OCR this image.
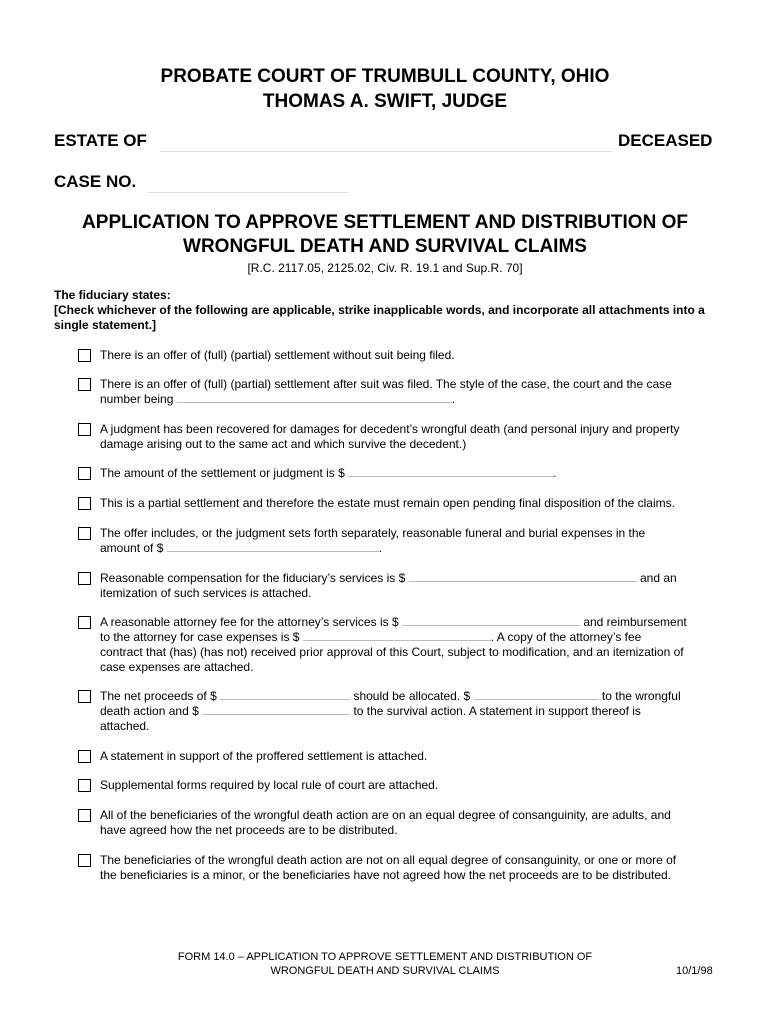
PROBATE COURT OF TRUMBULL COUNTY, OHIO
THOMAS A. SWIFT, JUDGE
ESTATE OF	DECEASED
CASE NO.
APPLICATION TO APPROVE SETTLEMENT AND DISTRIBUTION OF
WRONGFUL DEATH AND SURVIVAL CLAIMS
[R.C. 2117.05, 2125.02, Civ. R. 19.1 and Sup.R. 70]
The fiduciary states:
[Check whichever of the following are applicable, strike inapplicable words, and incorporate all attachments into a single statement.]
There is an offer of (full) (partial) settlement without suit being filed.
There is an offer of (full) (partial) settlement after suit was filed. The style of the case, the court and the case
number being	.
A judgment has been recovered for damages for decedent’s wrongful death (and personal injury and property
damage arising out to the same act and which survive the decedent.)
The amount of the settlement or judgment is $	.
This is a partial settlement and therefore the estate must remain open pending final disposition of the claims.
The offer includes, or the judgment sets forth separately, reasonable funeral and burial expenses in the
amount of $	.
Reasonable compensation for the fiduciary’s services is $	and an
itemization of such services is attached.
A reasonable attorney fee for the attorney’s services is $	and reimbursement
to the attorney for case expenses is $	. A copy of the attorney’s fee
contract that (has) (has not) received prior approval of this Court, subject to modification, and an itemization of
case expenses are attached.
The net proceeds of $	should be allocated. $	to the wrongful
death action and $	to the survival action. A statement in support thereof is
attached.
A statement in support of the proffered settlement is attached.
Supplemental forms required by local rule of court are attached.
All of the beneficiaries of the wrongful death action are on an equal degree of consanguinity, are adults, and
have agreed how the net proceeds are to be distributed.
The beneficiaries of the wrongful death action are not on all equal degree of consanguinity, or one or more of
the beneficiaries is a minor, or the beneficiaries have not agreed how the net proceeds are to be distributed.
FORM 14.0 – APPLICATION TO APPROVE SETTLEMENT AND DISTRIBUTION OF
WRONGFUL DEATH AND SURVIVAL CLAIMS	10/1/98
